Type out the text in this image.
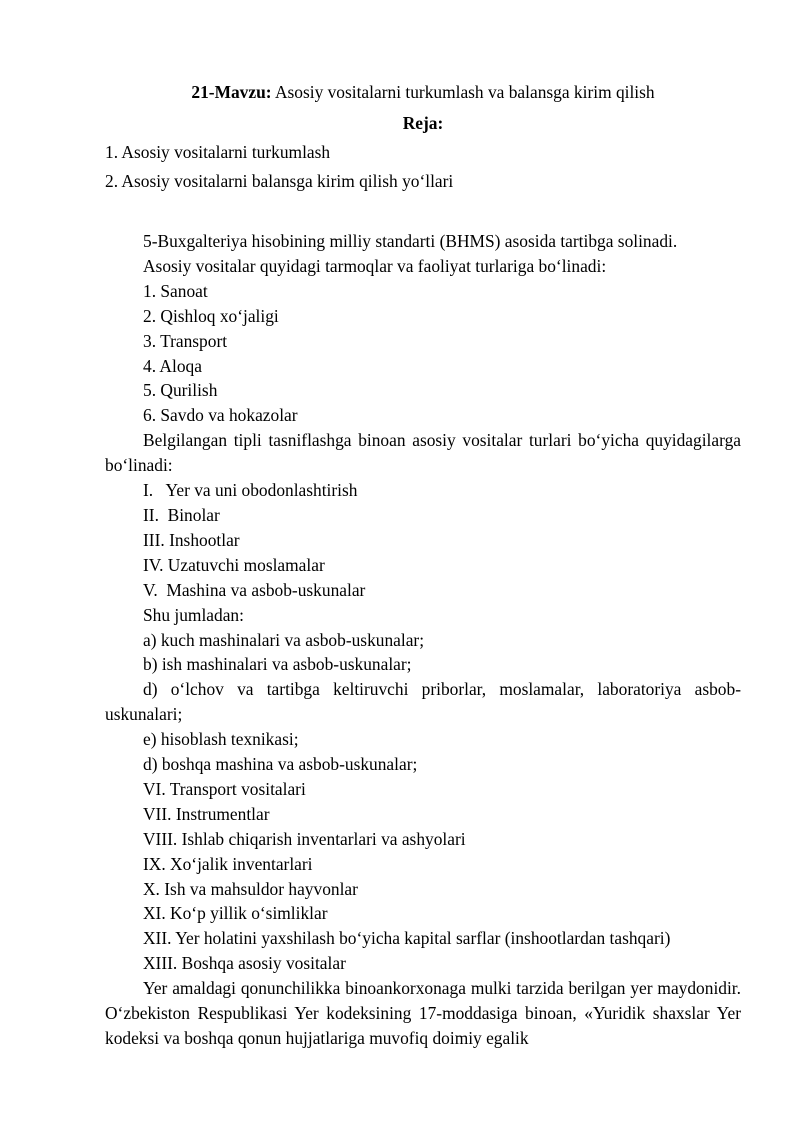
21-Mavzu: Asosiy vositalarni turkumlash va balansga kirim qilish
Reja:
1. Asosiy vositalarni turkumlash
2. Asosiy vositalarni balansga kirim qilish yo‘llari

5-Buxgalteriya hisobining milliy standarti (BHMS) asosida tartibga solinadi.

Asosiy vositalar quyidagi tarmoqlar va faoliyat turlariga bo‘linadi:

1. Sanoat

2. Qishloq xo‘jaligi

3. Transport

4. Aloqa

5. Qurilish

6. Savdo va hokazolar

Belgilangan tipli tasniflashga binoan asosiy vositalar turlari bo‘yicha quyidagilarga bo‘linadi:

I.   Yer va uni obodonlashtirish

II.  Binolar

III. Inshootlar

IV. Uzatuvchi moslamalar

V.  Mashina va asbob-uskunalar

Shu jumladan:

a) kuch mashinalari va asbob-uskunalar;

b) ish mashinalari va asbob-uskunalar;

d) o‘lchov va tartibga keltiruvchi priborlar, moslamalar, laboratoriya asbob-uskunalari;

e) hisoblash texnikasi;

d) boshqa mashina va asbob-uskunalar;

VI. Transport vositalari

VII. Instrumentlar

VIII. Ishlab chiqarish inventarlari va ashyolari

IX. Xo‘jalik inventarlari

X. Ish va mahsuldor hayvonlar

XI. Ko‘p yillik o‘simliklar

XII. Yer holatini yaxshilash bo‘yicha kapital sarflar (inshootlardan tashqari)

XIII. Boshqa asosiy vositalar

Yer amaldagi qonunchilikka binoankorxonaga mulki tarzida berilgan yer maydonidir. O‘zbekiston Respublikasi Yer kodeksining 17-moddasiga binoan, «Yuridik shaxslar Yer kodeksi va boshqa qonun hujjatlariga muvofiq doimiy egalik
